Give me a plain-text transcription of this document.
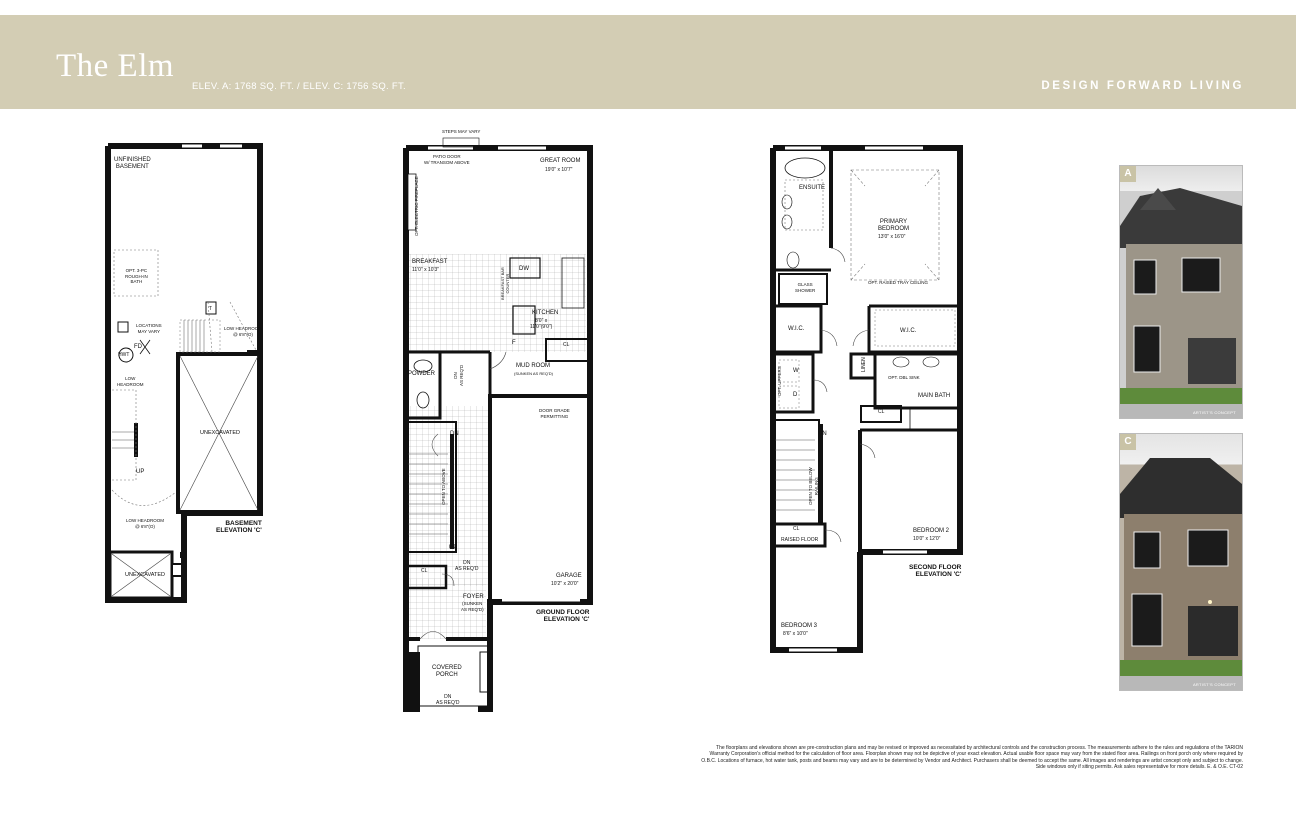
The Elm
ELEV. A: 1768 SQ. FT. / ELEV. C: 1756 SQ. FT.	DESIGN FORWARD LIVING
UNFINISHED
BASEMENT
OPT. 3-PC
ROUGH-IN
BATH
LOCATIONS
MAY VARY	LOW HEADROOM
@ 6'8"(O)
LOW
HEADROOM
LOW HEADROOM
@ 6'8"(O)
FD
HWT
T
UP
UNEXCAVATED
UNEXCAVATED
BASEMENT
ELEVATION 'C'
STEPS MAY VARY
PATIO DOOR
W/ TRANSOM ABOVE	GREAT ROOM
19'0" x 10'7"
OPT. ELECTRIC FIREPLACE
BREAKFAST
11'0" x 10'3"
BREAKFAST BAR
COUNTER
DW
KITCHEN
8'0" x
11'0"(9'0")
F	CL
POWDER	DN
AS REQ'D	MUD ROOM
(SUNKEN AS REQ'D)
DOOR GRADE
PERMITTING
DN
OPEN TO ABOVE
UP
DN
AS REQ'D
CL
FOYER
(SUNKEN
AS REQ'D)
GARAGE
10'2" x 20'0"
COVERED
PORCH
DN
AS REQ'D
GROUND FLOOR
ELEVATION 'C'
ENSUITE
PRIMARY
BEDROOM
13'0" x 16'0"
OPT. RAISED TRAY CEILING
GLASS
SHOWER
W.I.C.	W.I.C.
LINEN
OPT. UPPERS W
D
OPT. DBL SINK
MAIN BATH
CL
DN
OPEN TO BELOW
RAILING
BEDROOM 2
10'0" x 12'0"
CL
RAISED FLOOR
BEDROOM 3
8'6" x 10'0"
SECOND FLOOR
ELEVATION 'C'
A
ARTIST'S CONCEPT
C
ARTIST'S CONCEPT
The floorplans and elevations shown are pre-construction plans and may be revised or improved as necessitated by architectural controls and the construction process. The measurements adhere to the rules and regulations of the TARION Warranty Corporation's official method for the calculation of floor area. Floorplan shown may not be depictive of your exact elevation. Actual usable floor space may vary from the stated floor area. Railings on front porch only where required by O.B.C. Locations of furnace, hot water tank, posts and beams may vary and are to be determined by Vendor and Architect. Purchasers shall be deemed to accept the same. All images and renderings are artist concept only and subject to change. Side windows only if siting permits. Ask sales representative for more details. E. & O.E. CT-02
